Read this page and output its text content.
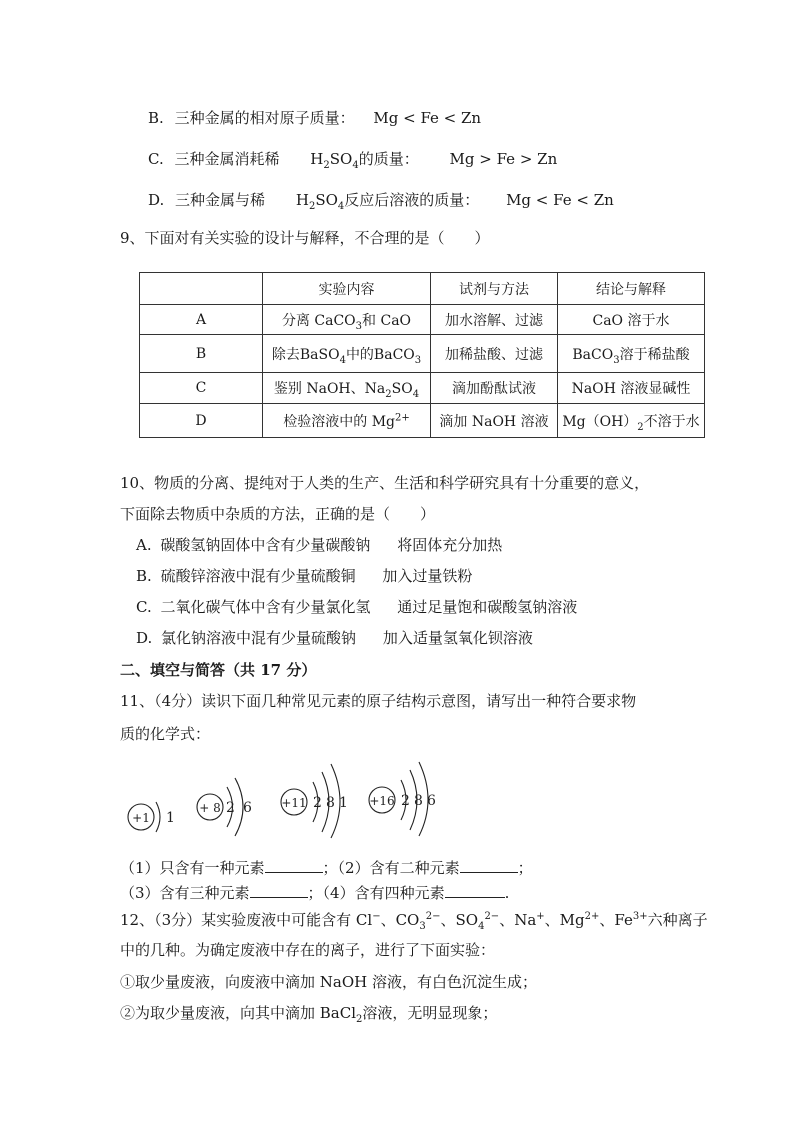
B. 三种金属的相对原子质量： Mg < Fe < Zn
C. 三种金属消耗稀 $H_2SO_4$的质量： Mg > Fe > Zn
D. 三种金属与稀 $H_2SO_4$反应后溶液的质量： Mg < Fe < Zn
9、下面对有关实验的设计与解释，不合理的是（　　）
	实验内容	试剂与方法	结论与解释
A	分离 CaCO$_3$和 CaO	加水溶解、过滤	CaO 溶于水
B	除去BaSO$_4$中的BaCO$_3$	加稀盐酸、过滤	BaCO$_3$溶于稀盐酸
C	鉴别 NaOH、$Na_2SO_4$	滴加酚酞试液	NaOH 溶液显碱性
D	检验溶液中的 $Mg^{2+}$	滴加 NaOH 溶液	$Mg(OH)_2$不溶于水
10、物质的分离、提纯对于人类的生产、生活和科学研究具有十分重要的意义，
下面除去物质中杂质的方法，正确的是（　　）
A. 碳酸氢钠固体中含有少量碳酸钠 将固体充分加热
B. 硫酸锌溶液中混有少量硫酸铜 加入过量铁粉
C. 二氧化碳气体中含有少量氯化氢 通过足量饱和碳酸氢钠溶液
D. 氯化钠溶液中混有少量硫酸钠 加入适量氢氧化钡溶液
二、填空与简答（共 17 分）
11、（4分）读识下面几种常见元素的原子结构示意图，请写出一种符合要求物
质的化学式：
+1 1
+ 8 2 6 +11 2 8 1 +16 2 8 6
（1）只含有一种元素	；（2）含有二种元素	；
（3）含有三种元素	；（4）含有四种元素	.
12、（3分）某实验废液中可能含有 Cl−、$CO_3^{2-}$、$SO_4^{2-}$、Na+、$Mg^{2+}$、$Fe^{3+}$六种离子
中的几种。为确定废液中存在的离子，进行了下面实验：
①取少量废液，向废液中滴加 NaOH 溶液，有白色沉淀生成；
②为取少量废液，向其中滴加 BaCl$_2$溶液，无明显现象；
